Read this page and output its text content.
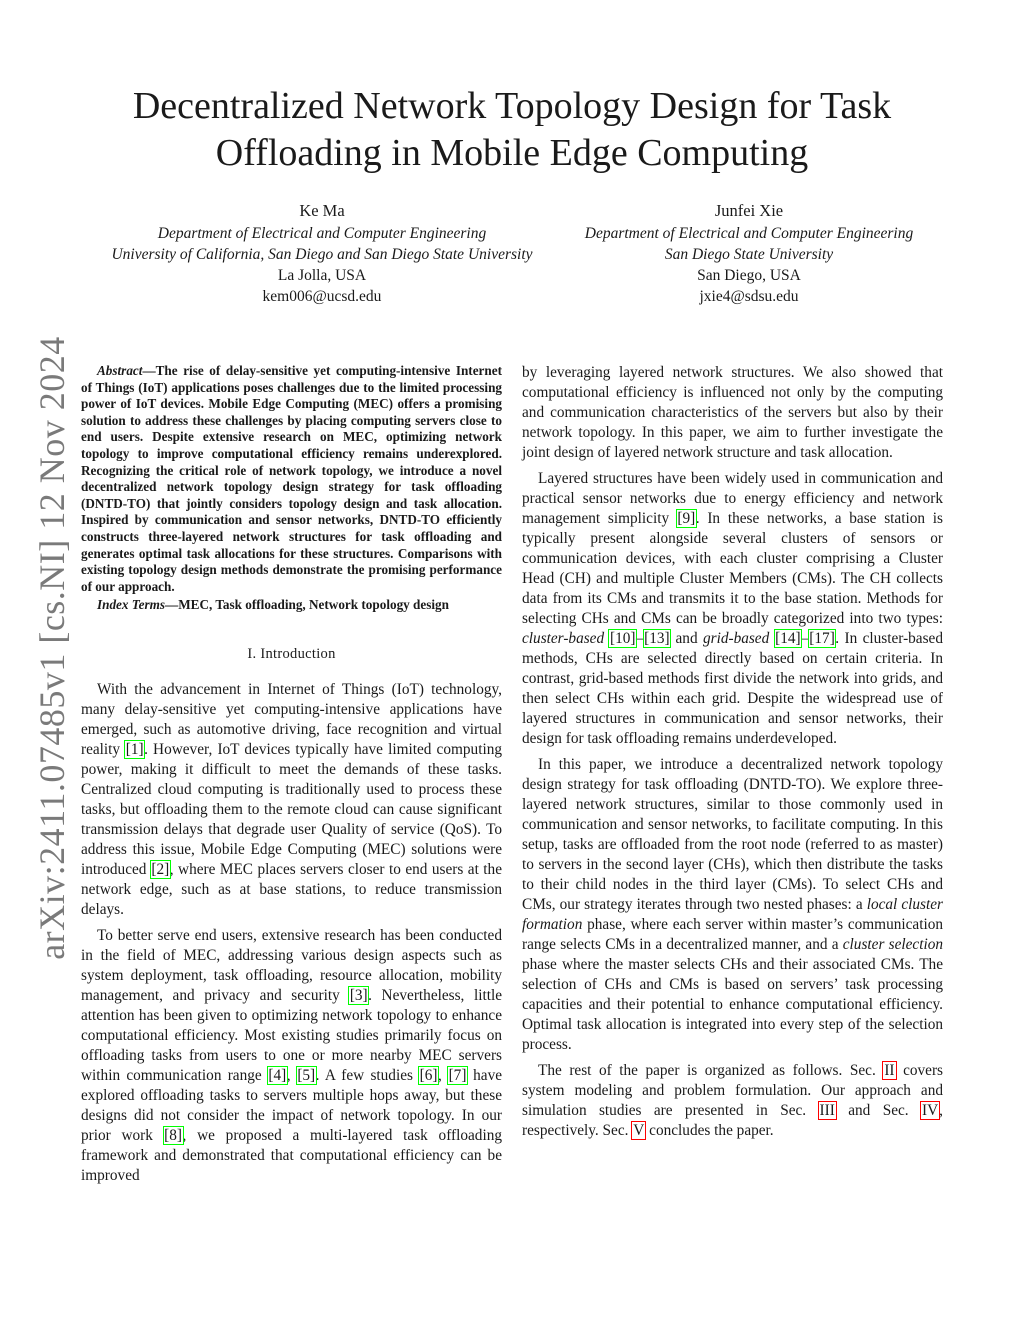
arXiv:2411.07485v1 [cs.NI] 12 Nov 2024
Decentralized Network Topology Design for Task
Offloading in Mobile Edge Computing
Ke Ma
Department of Electrical and Computer Engineering
University of California, San Diego and San Diego State University
La Jolla, USA
kem006@ucsd.edu
Junfei Xie
Department of Electrical and Computer Engineering
San Diego State University
San Diego, USA
jxie4@sdsu.edu

Abstract—The rise of delay-sensitive yet computing-intensive Internet of Things (IoT) applications poses challenges due to the limited processing power of IoT devices. Mobile Edge Computing (MEC) offers a promising solution to address these challenges by placing computing servers close to end users. Despite extensive research on MEC, optimizing network topology to improve computational efficiency remains underexplored. Recognizing the critical role of network topology, we introduce a novel decentralized network topology design strategy for task offloading (DNTD-TO) that jointly considers topology design and task allocation. Inspired by communication and sensor networks, DNTD-TO efficiently constructs three-layered network structures for task offloading and generates optimal task allocations for these structures. Comparisons with existing topology design methods demonstrate the promising performance of our approach.

Index Terms—MEC, Task offloading, Network topology design

I. Introduction

With the advancement in Internet of Things (IoT) technology, many delay-sensitive yet computing-intensive applications have emerged, such as automotive driving, face recognition and virtual reality [1]. However, IoT devices typically have limited computing power, making it difficult to meet the demands of these tasks. Centralized cloud computing is traditionally used to process these tasks, but offloading them to the remote cloud can cause significant transmission delays that degrade user Quality of service (QoS). To address this issue, Mobile Edge Computing (MEC) solutions were introduced [2], where MEC places servers closer to end users at the network edge, such as at base stations, to reduce transmission delays.

To better serve end users, extensive research has been conducted in the field of MEC, addressing various design aspects such as system deployment, task offloading, resource allocation, mobility management, and privacy and security [3]. Nevertheless, little attention has been given to optimizing network topology to enhance computational efficiency. Most existing studies primarily focus on offloading tasks from users to one or more nearby MEC servers within communication range [4], [5]. A few studies [6], [7] have explored offloading tasks to servers multiple hops away, but these designs did not consider the impact of network topology. In our prior work [8], we proposed a multi-layered task offloading framework and demonstrated that computational efficiency can be improved

by leveraging layered network structures. We also showed that computational efficiency is influenced not only by the computing and communication characteristics of the servers but also by their network topology. In this paper, we aim to further investigate the joint design of layered network structure and task allocation.

Layered structures have been widely used in communication and practical sensor networks due to energy efficiency and network management simplicity [9]. In these networks, a base station is typically present alongside several clusters of sensors or communication devices, with each cluster comprising a Cluster Head (CH) and multiple Cluster Members (CMs). The CH collects data from its CMs and transmits it to the base station. Methods for selecting CHs and CMs can be broadly categorized into two types: cluster-based [10]–[13] and grid-based [14]–[17]. In cluster-based methods, CHs are selected directly based on certain criteria. In contrast, grid-based methods first divide the network into grids, and then select CHs within each grid. Despite the widespread use of layered structures in communication and sensor networks, their design for task offloading remains underdeveloped.

In this paper, we introduce a decentralized network topology design strategy for task offloading (DNTD-TO). We explore three-layered network structures, similar to those commonly used in communication and sensor networks, to facilitate computing. In this setup, tasks are offloaded from the root node (referred to as master) to servers in the second layer (CHs), which then distribute the tasks to their child nodes in the third layer (CMs). To select CHs and CMs, our strategy iterates through two nested phases: a local cluster formation phase, where each server within master’s communication range selects CMs in a decentralized manner, and a cluster selection phase where the master selects CHs and their associated CMs. The selection of CHs and CMs is based on servers’ task processing capacities and their potential to enhance computational efficiency. Optimal task allocation is integrated into every step of the selection process.

The rest of the paper is organized as follows. Sec. II covers system modeling and problem formulation. Our approach and simulation studies are presented in Sec. III and Sec. IV, respectively. Sec. V concludes the paper.
